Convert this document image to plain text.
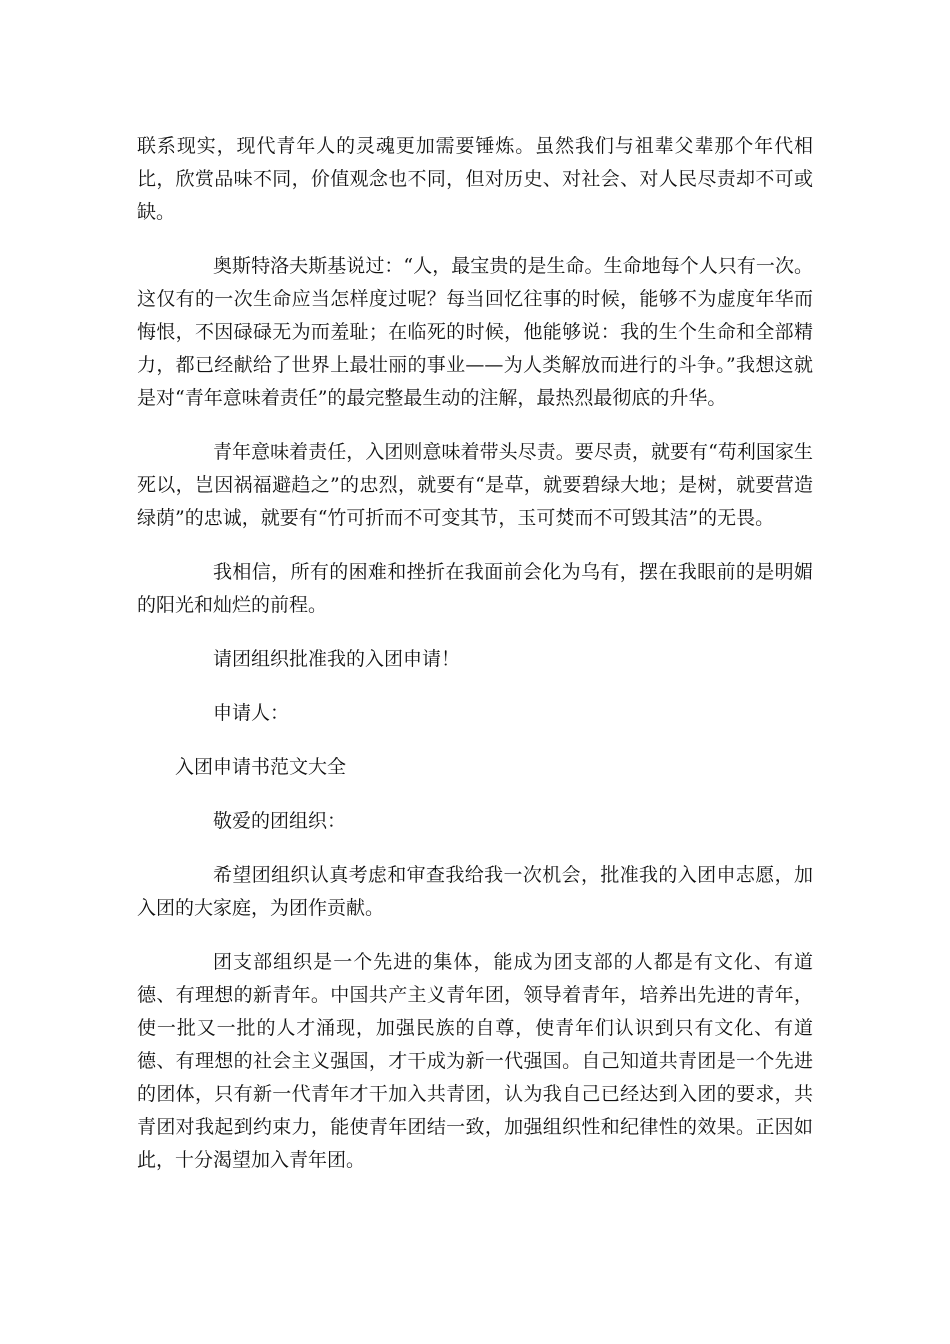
联系现实，现代青年人的灵魂更加需要锤炼。虽然我们与祖辈父辈那个年代相比，欣赏品味不同，价值观念也不同，但对历史、对社会、对人民尽责却不可或缺。

奥斯特洛夫斯基说过：“人，最宝贵的是生命。生命地每个人只有一次。这仅有的一次生命应当怎样度过呢？每当回忆往事的时候，能够不为虚度年华而悔恨，不因碌碌无为而羞耻；在临死的时候，他能够说：我的生个生命和全部精力，都已经献给了世界上最壮丽的事业——为人类解放而进行的斗争。”我想这就是对“青年意味着责任”的最完整最生动的注解，最热烈最彻底的升华。

青年意味着责任，入团则意味着带头尽责。要尽责，就要有“苟利国家生死以，岂因祸福避趋之”的忠烈，就要有“是草，就要碧绿大地；是树，就要营造绿荫”的忠诚，就要有“竹可折而不可变其节，玉可焚而不可毁其洁”的无畏。

我相信，所有的困难和挫折在我面前会化为乌有，摆在我眼前的是明媚的阳光和灿烂的前程。

请团组织批准我的入团申请！

申请人：

入团申请书范文大全

敬爱的团组织：

希望团组织认真考虑和审查我给我一次机会，批准我的入团申志愿，加入团的大家庭，为团作贡献。

团支部组织是一个先进的集体，能成为团支部的人都是有文化、有道德、有理想的新青年。中国共产主义青年团，领导着青年，培养出先进的青年，使一批又一批的人才涌现，加强民族的自尊，使青年们认识到只有文化、有道德、有理想的社会主义强国，才干成为新一代强国。自己知道共青团是一个先进的团体，只有新一代青年才干加入共青团，认为我自己已经达到入团的要求，共青团对我起到约束力，能使青年团结一致，加强组织性和纪律性的效果。正因如此，十分渴望加入青年团。
